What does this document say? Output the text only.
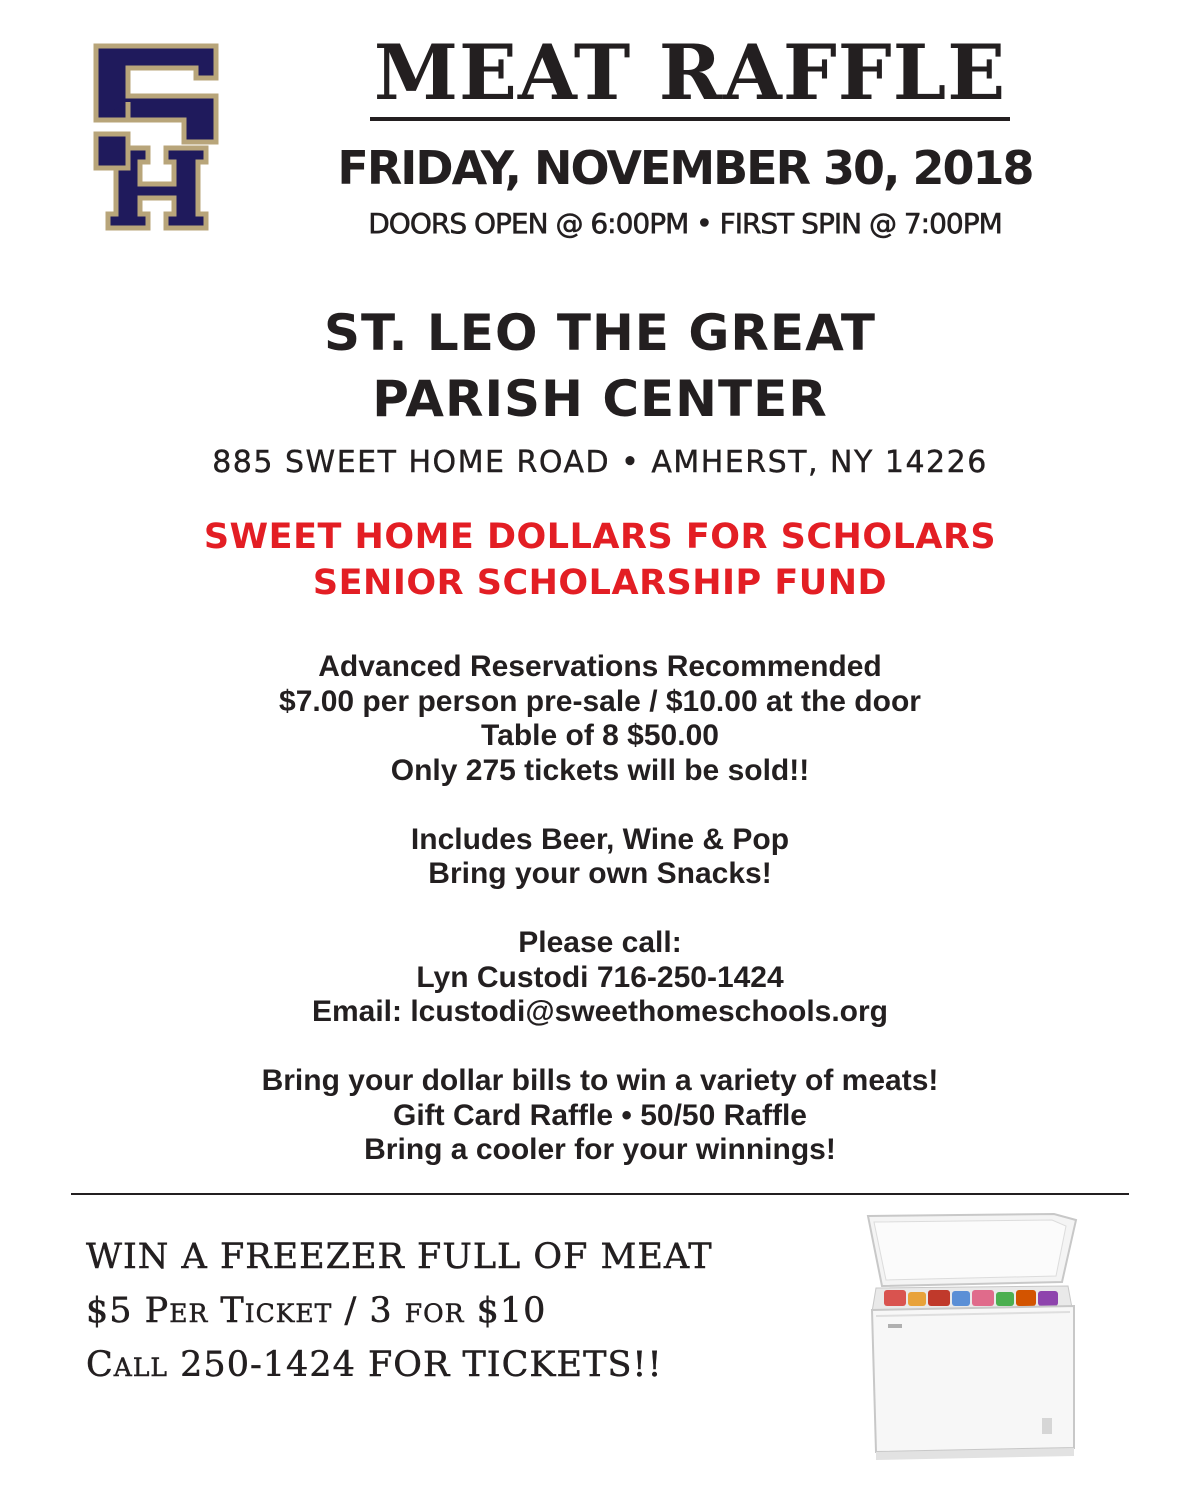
MEAT RAFFLE
FRIDAY, NOVEMBER 30, 2018
DOORS OPEN @ 6:00PM • FIRST SPIN @ 7:00PM
ST. LEO THE GREAT
PARISH CENTER
885 SWEET HOME ROAD • AMHERST, NY 14226
SWEET HOME DOLLARS FOR SCHOLARS
SENIOR SCHOLARSHIP FUND
Advanced Reservations Recommended
$7.00 per person pre-sale / $10.00 at the door
Table of 8 $50.00
Only 275 tickets will be sold!!
Includes Beer, Wine & Pop
Bring your own Snacks!
Please call:
Lyn Custodi 716-250-1424
Email: lcustodi@sweethomeschools.org
Bring your dollar bills to win a variety of meats!
Gift Card Raffle • 50/50 Raffle
Bring a cooler for your winnings!
WIN A FREEZER FULL OF MEAT
$5 Per Ticket / 3 for $10
Call 250-1424 FOR TICKETS!!
